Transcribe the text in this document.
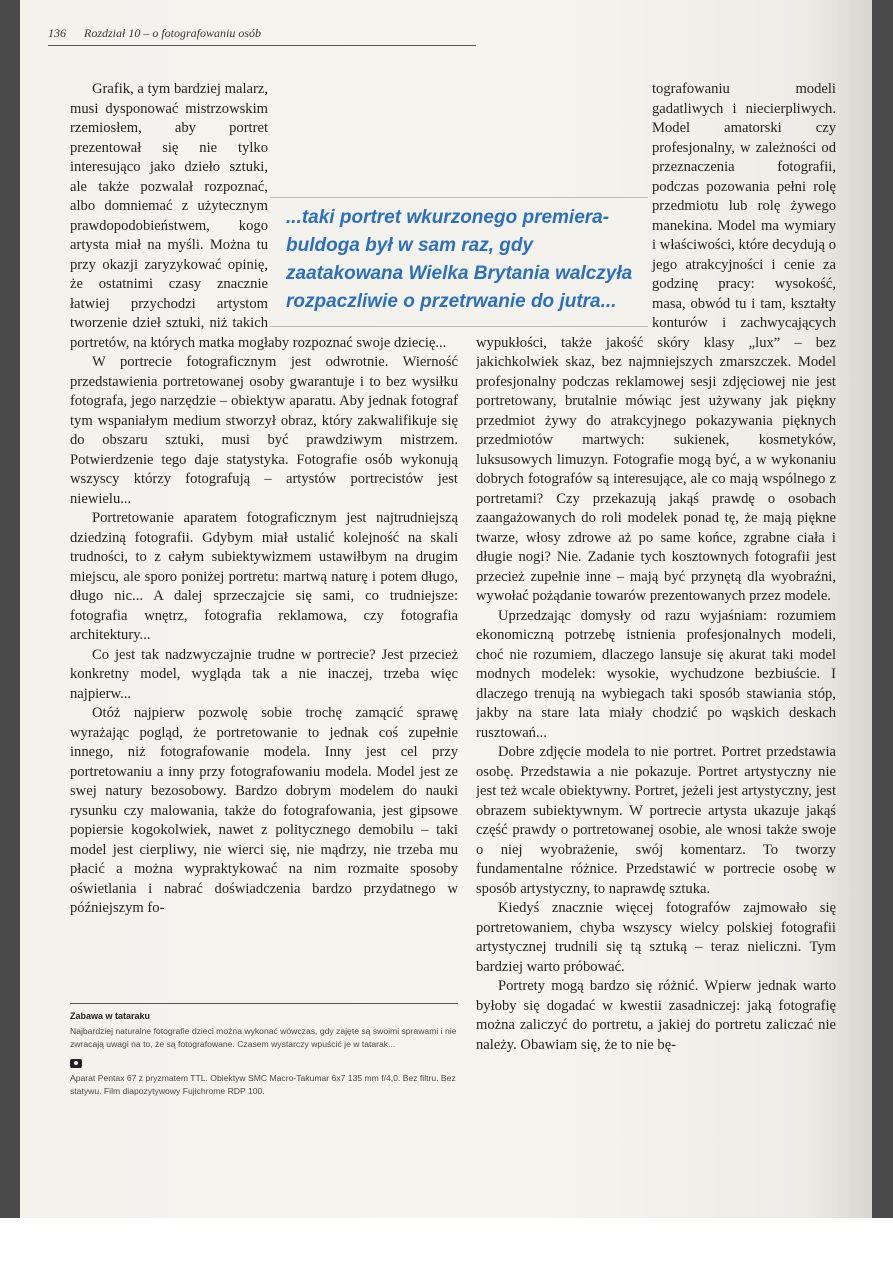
136 Rozdział 10 – o fotografowaniu osób

Grafik, a tym bardziej malarz, musi dysponować mistrzowskim rzemiosłem, aby portret prezentował się nie tylko interesująco jako dzieło sztuki, ale także pozwalał rozpoznać, albo domniemać z użytecznym prawdopodobieństwem, kogo artysta miał na myśli. Można tu przy okazji zaryzykować opinię, że ostatnimi czasy znacznie łatwiej przychodzi artystom tworzenie dzieł sztuki, niż takich portretów, na których matka mogłaby rozpoznać swoje dziecię...

W portrecie fotograficznym jest odwrotnie. Wierność przedstawienia portretowanej osoby gwarantuje i to bez wysiłku fotografa, jego narzędzie – obiektyw aparatu. Aby jednak fotograf tym wspaniałym medium stworzył obraz, który zakwalifikuje się do obszaru sztuki, musi być prawdziwym mistrzem. Potwierdzenie tego daje statystyka. Fotografie osób wykonują wszyscy którzy fotografują – artystów portrecistów jest niewielu...

Portretowanie aparatem fotograficznym jest najtrudniejszą dziedziną fotografii. Gdybym miał ustalić kolejność na skali trudności, to z całym subiektywizmem ustawiłbym na drugim miejscu, ale sporo poniżej portretu: martwą naturę i potem długo, długo nic... A dalej sprzeczajcie się sami, co trudniejsze: fotografia wnętrz, fotografia reklamowa, czy fotografia architektury...

Co jest tak nadzwyczajnie trudne w portrecie? Jest przecież konkretny model, wygląda tak a nie inaczej, trzeba więc najpierw...

Otóż najpierw pozwolę sobie trochę zamącić sprawę wyrażając pogląd, że portretowanie to jednak coś zupełnie innego, niż fotografowanie modela. Inny jest cel przy portretowaniu a inny przy fotografowaniu modela. Model jest ze swej natury bezosobowy. Bardzo dobrym modelem do nauki rysunku czy malowania, także do fotografowania, jest gipsowe popiersie kogokolwiek, nawet z politycznego demobilu – taki model jest cierpliwy, nie wierci się, nie mądrzy, nie trzeba mu płacić a można wypraktykować na nim rozmaite sposoby oświetlania i nabrać doświadczenia bardzo przydatnego w późniejszym fo-

tografowaniu modeli gadatliwych i niecierpliwych. Model amatorski czy profesjonalny, w zależności od przeznaczenia fotografii, podczas pozowania pełni rolę przedmiotu lub rolę żywego manekina. Model ma wymiary i właściwości, które decydują o jego atrakcyjności i cenie za godzinę pracy: wysokość, masa, obwód tu i tam, kształty konturów i zachwycających wypukłości, także jakość skóry klasy „lux” – bez jakichkolwiek skaz, bez najmniejszych zmarszczek. Model profesjonalny podczas reklamowej sesji zdjęciowej nie jest portretowany, brutalnie mówiąc jest używany jak piękny przedmiot żywy do atrakcyjnego pokazywania pięknych przedmiotów martwych: sukienek, kosmetyków, luksusowych limuzyn. Fotografie mogą być, a w wykonaniu dobrych fotografów są interesujące, ale co mają wspólnego z portretami? Czy przekazują jakąś prawdę o osobach zaangażowanych do roli modelek ponad tę, że mają piękne twarze, włosy zdrowe aż po same końce, zgrabne ciała i długie nogi? Nie. Zadanie tych kosztownych fotografii jest przecież zupełnie inne – mają być przynętą dla wyobraźni, wywołać pożądanie towarów prezentowanych przez modele.

Uprzedzając domysły od razu wyjaśniam: rozumiem ekonomiczną potrzebę istnienia profesjonalnych modeli, choć nie rozumiem, dlaczego lansuje się akurat taki model modnych modelek: wysokie, wychudzone bezbiuście. I dlaczego trenują na wybiegach taki sposób stawiania stóp, jakby na stare lata miały chodzić po wąskich deskach rusztowań...

Dobre zdjęcie modela to nie portret. Portret przedstawia osobę. Przedstawia a nie pokazuje. Portret artystyczny nie jest też wcale obiektywny. Portret, jeżeli jest artystyczny, jest obrazem subiektywnym. W portrecie artysta ukazuje jakąś część prawdy o portretowanej osobie, ale wnosi także swoje o niej wyobrażenie, swój komentarz. To tworzy fundamentalne różnice. Przedstawić w portrecie osobę w sposób artystyczny, to naprawdę sztuka.

Kiedyś znacznie więcej fotografów zajmowało się portretowaniem, chyba wszyscy wielcy polskiej fotografii artystycznej trudnili się tą sztuką – teraz nieliczni. Tym bardziej warto próbować.

Portrety mogą bardzo się różnić. Wpierw jednak warto byłoby się dogadać w kwestii zasadniczej: jaką fotografię można zaliczyć do portretu, a jakiej do portretu zaliczać nie należy. Obawiam się, że to nie bę-

...taki portret wkurzonego premiera-buldoga był w sam raz, gdy zaatakowana Wielka Brytania walczyła rozpaczliwie o przetrwanie do jutra...
Zabawa w tataraku
Najbardziej naturalne fotografie dzieci można wykonać wówczas, gdy zajęte są swoimi sprawami i nie zwracają uwagi na to, że są fotografowane. Czasem wystarczy wpuścić je w tatarak...

Aparat Pentax 67 z pryzmatem TTL. Obiektyw SMC Macro-Takumar 6x7 135 mm f/4,0. Bez filtru. Bez statywu. Film diapozytywowy Fujichrome RDP 100.
